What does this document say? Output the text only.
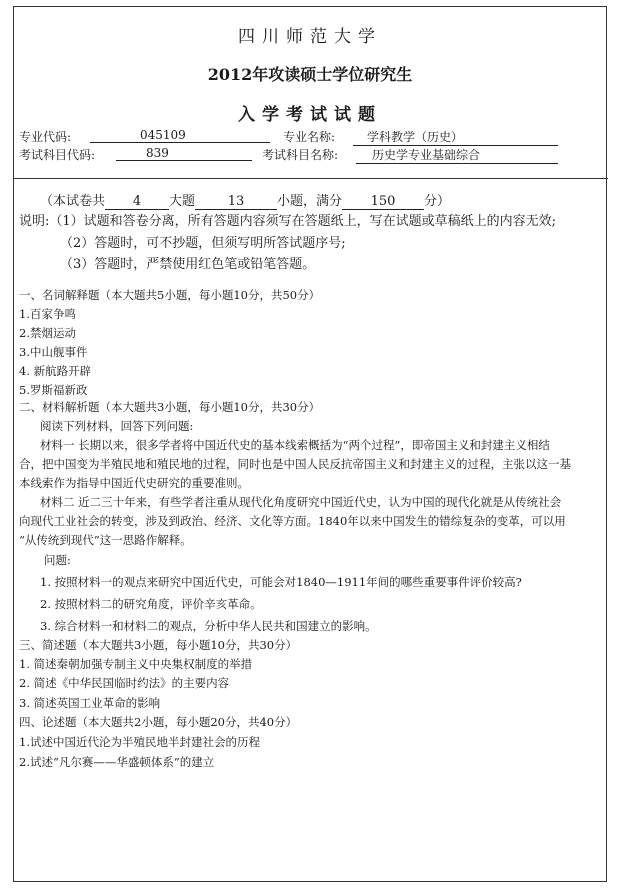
四川师范大学
2012年攻读硕士学位研究生
入学考试试题
专业代码:	045109	专业名称:	学科教学（历史）
考试科目代码:	839	考试科目名称:	历史学专业基础综合
（本试卷共 4 大题	13	小题，满分 150 分）
说明:（1）试题和答卷分离，所有答题内容须写在答题纸上，写在试题或草稿纸上的内容无效;
（2）答题时，可不抄题，但须写明所答试题序号;
（3）答题时，严禁使用红色笔或铅笔答题。
一、名词解释题（本大题共5小题，每小题10分，共50分）
1.百家争鸣
2.禁烟运动
3.中山舰事件
4. 新航路开辟
5.罗斯福新政
二、材料解析题（本大题共3小题，每小题10分，共30分）
阅读下列材料，回答下列问题:
材料一 长期以来，很多学者将中国近代史的基本线索概括为“两个过程”，即帝国主义和封建主义相结
合，把中国变为半殖民地和殖民地的过程，同时也是中国人民反抗帝国主义和封建主义的过程，主张以这一基
本线索作为指导中国近代史研究的重要准则。
材料二 近二三十年来，有些学者注重从现代化角度研究中国近代史，认为中国的现代化就是从传统社会
向现代工业社会的转变，涉及到政治、经济、文化等方面。1840年以来中国发生的错综复杂的变革，可以用
“从传统到现代”这一思路作解释。
问题:
1. 按照材料一的观点来研究中国近代史，可能会对1840—1911年间的哪些重要事件评价较高?
2. 按照材料二的研究角度，评价辛亥革命。
3. 综合材料一和材料二的观点，分析中华人民共和国建立的影响。
三、简述题（本大题共3小题，每小题10分，共30分）
1. 简述秦朝加强专制主义中央集权制度的举措
2. 简述《中华民国临时约法》的主要内容
3. 简述英国工业革命的影响
四、论述题（本大题共2小题，每小题20分，共40分）
1.试述中国近代沦为半殖民地半封建社会的历程
2.试述“凡尔赛——华盛顿体系”的建立
